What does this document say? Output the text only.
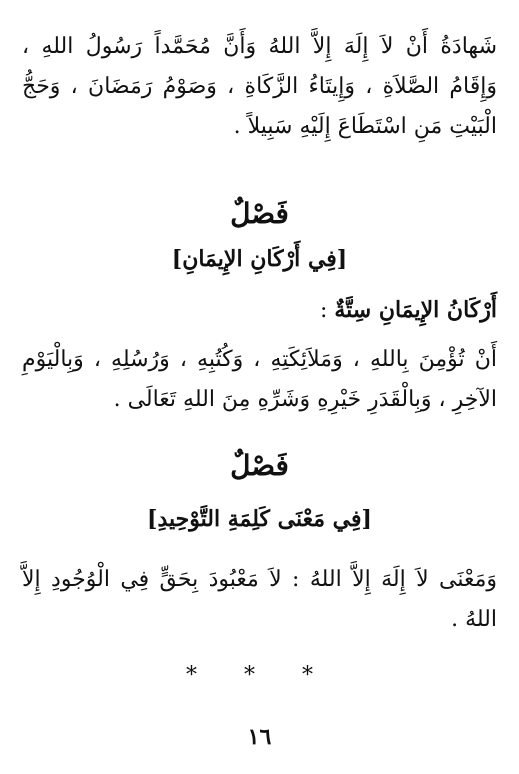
شَهادَةُ أَنْ لاَ إِلَهَ إِلاَّ اللهُ وَأَنَّ مُحَمَّداً رَسُولُ اللهِ ، وَإِقَامُ الصَّلاَةِ ، وَإِيتَاءُ الزَّكَاةِ ، وَصَوْمُ رَمَضَانَ ، وَحَجُّ الْبَيْتِ مَنِ اسْتَطَاعَ إِلَيْهِ سَبِيلاً .

فَصْلٌ

[فِي أَرْكَانِ الإِيمَانِ]

أَرْكَانُ الإِيمَانِ سِتَّةٌ :

أَنْ تُؤْمِنَ بِاللهِ ، وَمَلاَئِكَتِهِ ، وَكُتُبِهِ ، وَرُسُلِهِ ، وَبِالْيَوْمِ الآخِرِ ، وَبِالْقَدَرِ خَيْرِهِ وَشَرِّهِ مِنَ اللهِ تَعَالَى .

فَصْلٌ

[فِي مَعْنَى كَلِمَةِ التَّوْحِيدِ]

وَمَعْنَى لاَ إِلَهَ إِلاَّ اللهُ : لاَ مَعْبُودَ بِحَقٍّ فِي الْوُجُودِ إِلاَّ اللهُ .

* * *

١٦
